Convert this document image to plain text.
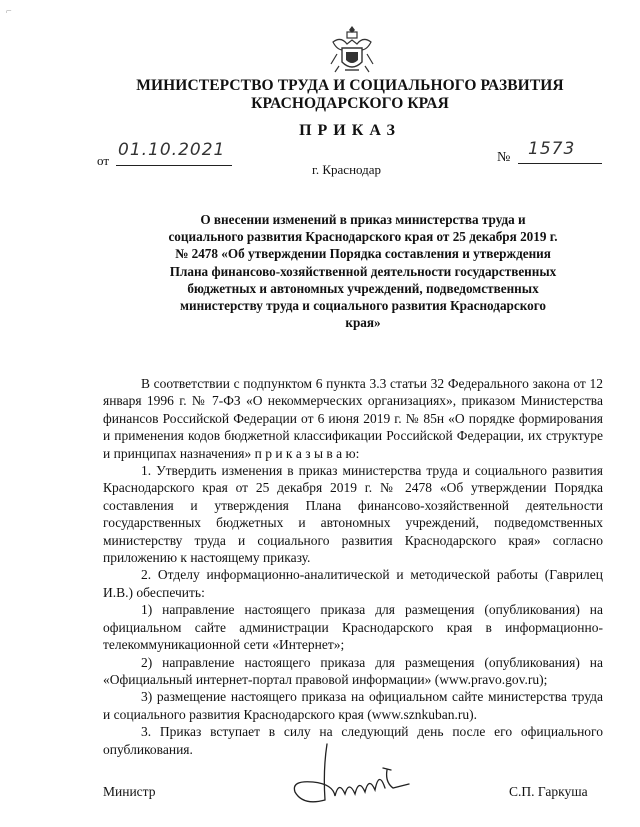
⌐
МИНИСТЕРСТВО ТРУДА И СОЦИАЛЬНОГО РАЗВИТИЯ
КРАСНОДАРСКОГО КРАЯ
ПРИКАЗ
от
01.10.2021
г. Краснодар
№ 1573
О внесении изменений в приказ министерства труда и социального развития Краснодарского края от 25 декабря 2019 г. № 2478 «Об утверждении Порядка составления и утверждения Плана финансово-хозяйственной деятельности государственных бюджетных и автономных учреждений, подведомственных министерству труда и социального развития Краснодарского края»

В соответствии с подпунктом 6 пункта 3.3 статьи 32 Федерального закона от 12 января 1996 г. № 7-ФЗ «О некоммерческих организациях», приказом Министерства финансов Российской Федерации от 6 июня 2019 г. № 85н «О порядке формирования и применения кодов бюджетной классификации Российской Федерации, их структуре и принципах назначения» п р и к а з ы в а ю:

1. Утвердить изменения в приказ министерства труда и социального развития Краснодарского края от 25 декабря 2019 г. № 2478 «Об утверждении Порядка составления и утверждения Плана финансово-хозяйственной деятельности государственных бюджетных и автономных учреждений, подведомственных министерству труда и социального развития Краснодарского края» согласно приложению к настоящему приказу.

2. Отделу информационно-аналитической и методической работы (Гаврилец И.В.) обеспечить:

1) направление настоящего приказа для размещения (опубликования) на официальном сайте администрации Краснодарского края в информационно-телекоммуникационной сети «Интернет»;

2) направление настоящего приказа для размещения (опубликования) на «Официальный интернет-портал правовой информации» (www.pravo.gov.ru);

3) размещение настоящего приказа на официальном сайте министерства труда и социального развития Краснодарского края (www.sznkuban.ru).

3. Приказ вступает в силу на следующий день после его официального опубликования.

Министр	С.П. Гаркуша
